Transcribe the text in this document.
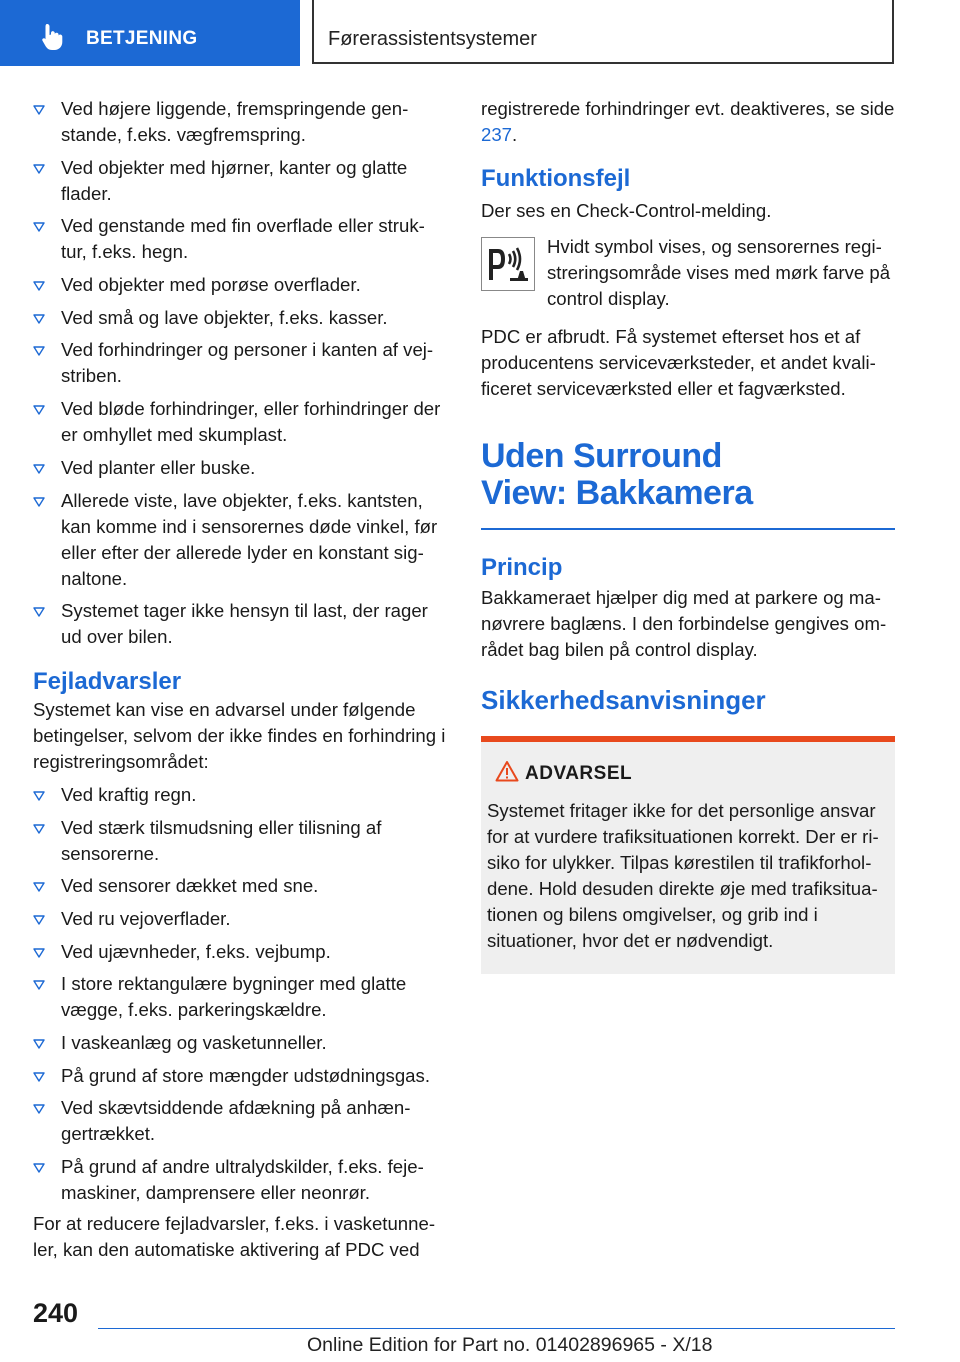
BETJENING	Førerassistentsystemer
Ved højere liggende, fremspringende gen-stande, f.eks. vægfremspring.
Ved objekter med hjørner, kanter og glatte flader.
Ved genstande med fin overflade eller struk-tur, f.eks. hegn.
Ved objekter med porøse overflader.
Ved små og lave objekter, f.eks. kasser.
Ved forhindringer og personer i kanten af vej-striben.
Ved bløde forhindringer, eller forhindringer der er omhyllet med skumplast.
Ved planter eller buske.
Allerede viste, lave objekter, f.eks. kantsten, kan komme ind i sensorernes døde vinkel, før eller efter der allerede lyder en konstant sig-naltone.
Systemet tager ikke hensyn til last, der rager ud over bilen.
Fejladvarsler

Systemet kan vise en advarsel under følgende betingelser, selvom der ikke findes en forhindring i registreringsområdet:

Ved kraftig regn.
Ved stærk tilsmudsning eller tilisning af sensorerne.
Ved sensorer dækket med sne.
Ved ru vejoverflader.
Ved ujævnheder, f.eks. vejbump.
I store rektangulære bygninger med glatte vægge, f.eks. parkeringskældre.
I vaskeanlæg og vasketunneller.
På grund af store mængder udstødningsgas.
Ved skævtsiddende afdækning på anhæn-gertrækket.
På grund af andre ultralydskilder, f.eks. feje-maskiner, damprensere eller neonrør.

For at reducere fejladvarsler, f.eks. i vasketunne-ler, kan den automatiske aktivering af PDC ved

registrerede forhindringer evt. deaktiveres, se side 237.

Funktionsfejl

Der ses en Check-Control-melding.

Hvidt symbol vises, og sensorernes regi-streringsområde vises med mørk farve på control display.

PDC er afbrudt. Få systemet efterset hos et af producentens serviceværksteder, et andet kvali-ficeret serviceværksted eller et fagværksted.

Uden Surround View: Bakkamera
Princip

Bakkameraet hjælper dig med at parkere og ma-nøvrere baglæns. I den forbindelse gengives om-rådet bag bilen på control display.

Sikkerhedsanvisninger
ADVARSEL
Systemet fritager ikke for det personlige ansvar for at vurdere trafiksituationen korrekt. Der er ri-siko for ulykker. Tilpas kørestilen til trafikforhol-dene. Hold desuden direkte øje med trafiksitua-tionen og bilens omgivelser, og grib ind i situationer, hvor det er nødvendigt.
240
Online Edition for Part no. 01402896965 - X/18
